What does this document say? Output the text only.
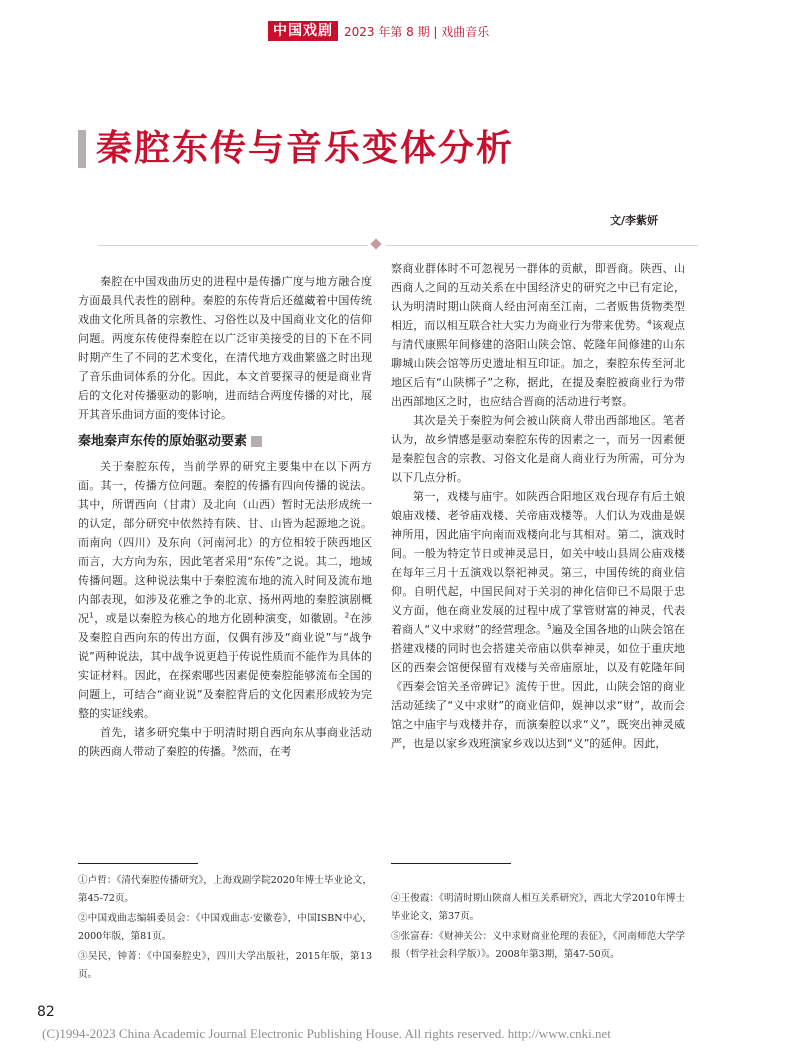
中国戏剧 2023 年第 8 期 | 戏曲音乐
秦腔东传与音乐变体分析
文/李紫妍

秦腔在中国戏曲历史的进程中是传播广度与地方融合度方面最具代表性的剧种。秦腔的东传背后还蕴藏着中国传统戏曲文化所具备的宗教性、习俗性以及中国商业文化的信仰问题。两度东传使得秦腔在以广泛审美接受的目的下在不同时期产生了不同的艺术变化，在清代地方戏曲繁盛之时出现了音乐曲词体系的分化。因此，本文首要探寻的便是商业背后的文化对传播驱动的影响，进而结合两度传播的对比，展开其音乐曲词方面的变体讨论。

秦地秦声东传的原始驱动要素

关于秦腔东传，当前学界的研究主要集中在以下两方面。其一，传播方位问题。秦腔的传播有四向传播的说法。其中，所谓西向（甘肃）及北向（山西）暂时无法形成统一的认定，部分研究中依然持有陕、甘、山皆为起源地之说。而南向（四川）及东向（河南河北）的方位相较于陕西地区而言，大方向为东，因此笔者采用“东传”之说。其二，地域传播问题。这种说法集中于秦腔流布地的流入时间及流布地内部表现，如涉及花雅之争的北京、扬州两地的秦腔演剧概况$^1$，或是以秦腔为核心的地方化剧种演变，如徽剧。$^2$在涉及秦腔自西向东的传出方面，仅偶有涉及“商业说”与“战争说”两种说法，其中战争说更趋于传说性质而不能作为具体的实证材料。因此，在探索哪些因素促使秦腔能够流布全国的问题上，可结合“商业说”及秦腔背后的文化因素形成较为完整的实证线索。

首先，诸多研究集中于明清时期自西向东从事商业活动的陕西商人带动了秦腔的传播。$^3$然而，在考

察商业群体时不可忽视另一群体的贡献，即晋商。陕西、山西商人之间的互动关系在中国经济史的研究之中已有定论，认为明清时期山陕商人经由河南至江南，二者贩售货物类型相近，而以相互联合社大实力为商业行为带来优势。$^4$该观点与清代康熙年间修建的洛阳山陕会馆、乾隆年间修建的山东聊城山陕会馆等历史遗址相互印证。加之，秦腔东传至河北地区后有“山陕梆子”之称，据此，在提及秦腔被商业行为带出西部地区之时，也应结合晋商的活动进行考察。

其次是关于秦腔为何会被山陕商人带出西部地区。笔者认为，故乡情感是驱动秦腔东传的因素之一，而另一因素便是秦腔包含的宗教、习俗文化是商人商业行为所需，可分为以下几点分析。

第一，戏楼与庙宇。如陕西合阳地区戏台现存有后土娘娘庙戏楼、老爷庙戏楼、关帝庙戏楼等。人们认为戏曲是娱神所用，因此庙宇向南而戏楼向北与其相对。第二，演戏时间。一般为特定节日或神灵忌日，如关中岐山县周公庙戏楼在每年三月十五演戏以祭祀神灵。第三，中国传统的商业信仰。自明代起，中国民间对于关羽的神化信仰已不局限于忠义方面，他在商业发展的过程中成了掌管财富的神灵，代表着商人“义中求财”的经营理念。$^5$遍及全国各地的山陕会馆在搭建戏楼的同时也会搭建关帝庙以供奉神灵，如位于重庆地区的西秦会馆便保留有戏楼与关帝庙原址，以及有乾隆年间《西秦会馆关圣帝碑记》流传于世。因此，山陕会馆的商业活动延续了“义中求财”的商业信仰，娱神以求“财”，故而会馆之中庙宇与戏楼并存，而演秦腔以求“义”，既突出神灵威严，也是以家乡戏班演家乡戏以达到“义”的延伸。因此，

①卢哲：《清代秦腔传播研究》，上海戏剧学院2020年博士毕业论文，第45-72页。
②中国戏曲志编辑委员会：《中国戏曲志·安徽卷》，中国ISBN中心，2000年版，第81页。
③吴民，钟菁：《中国秦腔史》，四川大学出版社，2015年版，第13页。
④王俊霞：《明清时期山陕商人相互关系研究》，西北大学2010年博士毕业论文，第37页。
⑤张富春：《财神关公：义中求财商业伦理的表征》，《河南师范大学学报（哲学社会科学版）》。2008年第3期，第47-50页。
82
(C)1994-2023 China Academic Journal Electronic Publishing House. All rights reserved. http://www.cnki.net
